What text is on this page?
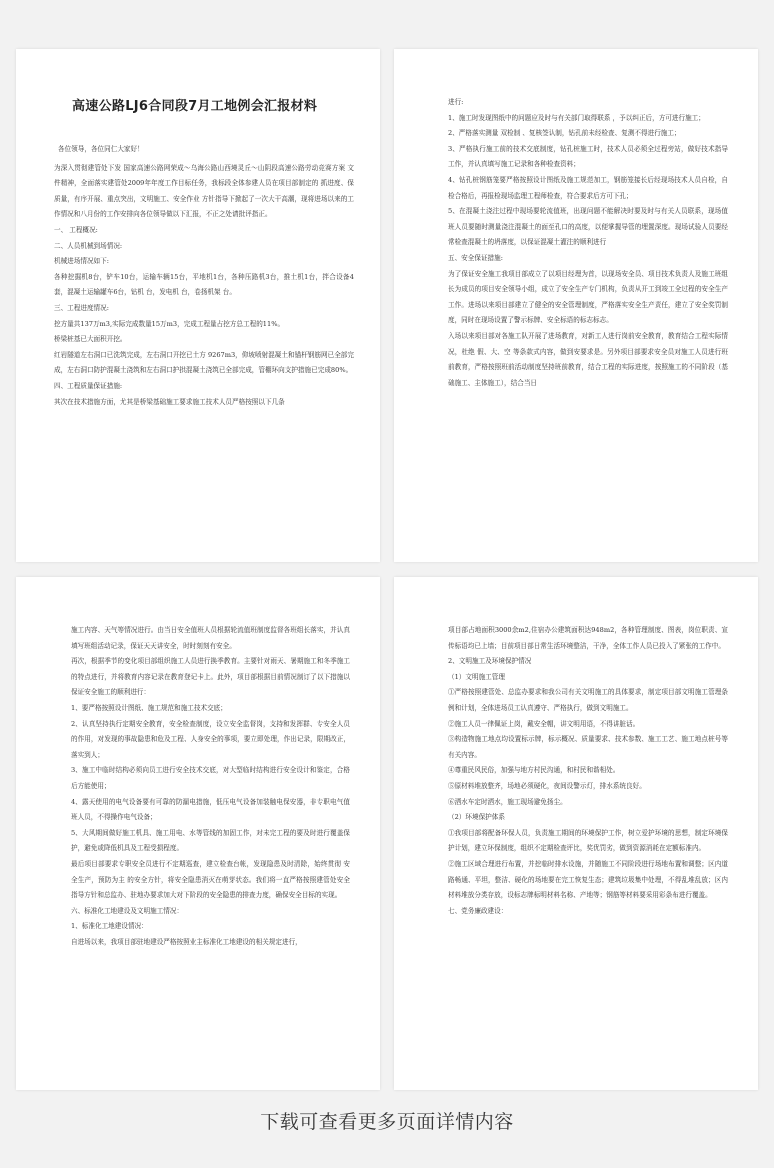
高速公路LJ6合同段7月工地例会汇报材料

各位领导，各位同仁大家好！

为深入贯彻建管处下发 国家高速公路网荣成～乌海公路山西境灵丘～山阴段高速公路劳动竞赛方案 文件精神，全面落实建管处2009年年度工作目标任务，我标段全体参建人员在项目部制定的 抓进度、保质量，有序开展、重点突出，文明施工、安全作业 方针指导下掀起了一次大干高潮，现将进场以来的工作情况和八月份的工作安排向各位领导做以下汇报，不正之处请批评指正。

一、 工程概况:

二、人员机械到场情况:

机械进场情况如下:

各种挖掘机8台，铲车10台，运输车辆15台，平地机1台，各种压路机3台，推土机1台，拌合设备4套，混凝土运输罐车6台，钻机 台，发电机 台，卷扬机架 台。

三、工程进度情况:

挖方量共137万m3,实际完成数量15万m3，完成工程量占挖方总工程的11%。

桥梁桩基已大面积开挖。

红岩隧道左右洞口已洗筑完成，左右洞口开挖已土方 9267m3，仰坡喷射混凝土和锚杆钢筋网已全部完成，左右洞口防护混凝土浇筑和左右洞口护拱混凝土浇筑已全部完成，管棚环向支护措施已完成80%。

四、工程质量保证措施:

其次在技术措施方面，尤其是桥梁基础施工要求施工技术人员严格按照以下几条

进行:

1、施工时发现图纸中的问题应及时与有关部门取得联系 ，予以纠正后，方可进行施工；

2、严格落实测量 双检制 、复核签认制，钻孔前未经检查、复测不得进行施工；

3、严格执行施工前的技术交底制度，钻孔桩施工时，技术人员必须全过程旁站，做好技术指导工作，并认真填写施工记录和各种检查资料；

4、钻孔桩钢筋笼要严格按照设计图纸及施工规范加工，钢筋笼接长后经现场技术人员自检，自检合格后，再报检现场监理工程师检查，符合要求后方可下孔；

5、在混凝土浇注过程中现场要轮流值班，出现问题不能解决时要及时与有关人员联系，现场值班人员要随时测量浇注混凝土的面至孔口的高度，以便掌握导管的埋置深度。现场试验人员要经常检查混凝土的坍落度，以保证混凝土灌注的顺利进行

五、安全保证措施:

为了保证安全施工我项目部成立了以项目经理为首，以现场安全员、项目技术负责人及施工班组长为成员的项目安全领导小组，成立了安全生产专门机构，负责从开工到竣工全过程的安全生产工作。进场以来项目部建立了健全的安全管理制度，严格落实安全生产责任，建立了安全奖罚制度，同时在现场设置了警示标牌、安全标语的标志标志。

入场以来项目部对各施工队开展了进场教育，对新工人进行岗前安全教育，教育结合工程实际情况，杜绝 假、大、空 等条款式内容，做到安要求是。另外项目部要求安全员对施工人员进行班前教育，严格按照班前活动制度坚持班前教育，结合工程的实际进度，按照施工的不同阶段（基础施工、主体施工），结合当日

施工内容、天气等情况进行。由当日安全值班人员根据轮流值班制度监督各班组长落实，并认真填写班组活动记录，保证天天讲安全，时时刻刻有安全。

再次，根据季节的变化项目部组织施工人员进行换季教育。主要针对雨天、暑期施工和冬季施工的特点进行，并将教育内容记录在教育登记卡上。此外，项目部根据目前情况制订了以下措施以保证安全施工的顺利进行：

1、要严格按照设计图纸、施工规范和施工技术交底；

2、认真坚持执行定期安全教育，安全检查制度，设立安全监督岗，支持和发挥群、专安全人员的作用，对发现的事故隐患和危及工程、人身安全的事项，要立即处理，作出记录，限期改正，落实到人；

3、施工中临时结构必须向员工进行安全技术交底，对大型临时结构进行安全设计和鉴定，合格后方能使用；

4、露天使用的电气设备要有可靠的防漏电措施，低压电气设备加装触电保安器，非专职电气值班人员，不得操作电气设备；

5、大风期间做好施工机具、施工用电、水等管线的加固工作，对未完工程的要及时进行覆盖保护，避免或降低机具及工程受损程度。

最后项目部要求专职安全员进行不定期巡查，建立检查台帐，发现隐患及时清除，始终贯彻 安全生产，预防为主 的安全方针，将安全隐患消灭在萌芽状态。我们将一直严格按照建管处安全指导方针和总监办、驻地办要求加大对下阶段的安全隐患的排查力度，确保安全目标的实现。

六、标准化工地建设及文明施工情况：

1、标准化工地建设情况：

自进场以来，我项目部驻地建设严格按照业主标准化工地建设的相关规定进行，

项目部占地面积3000余m2,住宿办公建筑面积达948m2，各种管理制度、图表，岗位职责、宣传标语均已上墙；目前项目部日常生活环境整洁，干净，全体工作人员已投入了紧张的工作中。

2、文明施工及环境保护情况

（1）文明施工管理

①严格按照建管处、总监办要求和我公司有关文明施工的具体要求，制定项目部文明施工管理条例和计划，全体进场员工认真遵守、严格执行，做到文明施工。

②施工人员一律佩证上岗，戴安全帽，讲文明用语，不得讲脏话。

③构造物施工地点均设置标示牌，标示概况、质量要求、技术参数、施工工艺、施工地点桩号等有关内容。

④尊重民风民俗，加强与地方村民沟通，和村民和谐相处。

⑤原材料堆放整齐，场地必须硬化，夜间设警示灯，排水系统良好。

⑥洒水车定时洒水，施工现场避免扬尘。

（2）环境保护体系

①我项目部将配备环保人员，负责施工期间的环境保护工作，树立爱护环境的思想，制定环境保护计划，建立环保制度，组织不定期检查评比，奖优罚劣，做到资源消耗在定额标准内。

②施工区域合理进行布置，并挖临时排水设施，并随施工不同阶段进行场地布置和调整；区内道路畅通、平坦，整洁、硬化的场地要在完工恢复生态；建筑垃圾集中处理，不得乱堆乱放；区内材料堆放分类存放，设标志牌标明材料名称、产地等；钢筋等材料要采用彩条布进行覆盖。

七、党务廉政建设：

下载可查看更多页面详情内容
